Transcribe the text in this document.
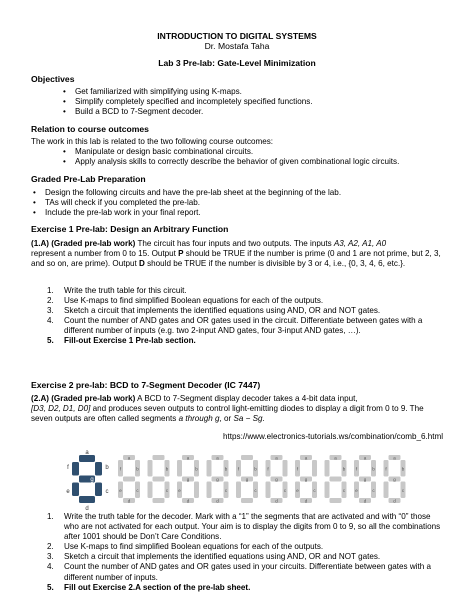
INTRODUCTION TO DIGITAL SYSTEMS
Dr. Mostafa Taha
Lab 3 Pre-lab: Gate-Level Minimization
Objectives
• Get familiarized with simplifying using K-maps.
• Simplify completely specified and incompletely specified functions.
• Build a BCD to 7-Segment decoder.
Relation to course outcomes
The work in this lab is related to the two following course outcomes:
• Manipulate or design basic combinational circuits.
• Apply analysis skills to correctly describe the behavior of given combinational logic circuits.
Graded Pre-Lab Preparation
• Design the following circuits and have the pre-lab sheet at the beginning of the lab.
• TAs will check if you completed the pre-lab.
• Include the pre-lab work in your final report.
Exercise 1 Pre-lab: Design an Arbitrary Function
(1.A) (Graded pre-lab work) The circuit has four inputs and two outputs. The inputs A3, A2, A1, A0
represent a number from 0 to 15. Output P should be TRUE if the number is prime (0 and 1 are not prime, but 2, 3, and so on, are prime). Output D should be TRUE if the number is divisible by 3 or 4, i.e., {0, 3, 4, 6, etc.}.
1. Write the truth table for this circuit.
2. Use K-maps to find simplified Boolean equations for each of the outputs.
3. Sketch a circuit that implements the identified equations using AND, OR and NOT gates.
4. Count the number of AND gates and OR gates used in the circuit. Differentiate between gates with a different number of inputs (e.g. two 2-input AND gates, four 3-input AND gates, …).
5. Fill-out Exercise 1 Pre-lab section.
Exercise 2 pre-lab: BCD to 7-Segment Decoder (IC 7447)
(2.A) (Graded pre-lab work) A BCD to 7-Segment display decoder takes a 4-bit data input,
[D3, D2, D1, D0] and produces seven outputs to control light-emitting diodes to display a digit from 0 to 9. The seven outputs are often called segments a through g, or Sa − Sg.
https://www.electronics-tutorials.ws/combination/comb_6.html
a
b
c
d
e
f
g
a
b
c
d
e
f	b
c
a
b
d
e
g
a
b
c
d
g
b
c
f
g
a
c
d
f
g
a
c
d
e
f
g
a
b
c
a
b
c
d
e
f
g
a
b
c
d
f
g
1. Write the truth table for the decoder. Mark with a “1” the segments that are activated and with “0” those who are not activated for each output. Your aim is to display the digits from 0 to 9, so all the combinations after 1001 should be Don’t Care Conditions.
2. Use K-maps to find simplified Boolean equations for each of the outputs.
3. Sketch a circuit that implements the identified equations using AND, OR and NOT gates.
4. Count the number of AND gates and OR gates used in your circuits. Differentiate between gates with a different number of inputs.
5. Fill out Exercise 2.A section of the pre-lab sheet.
